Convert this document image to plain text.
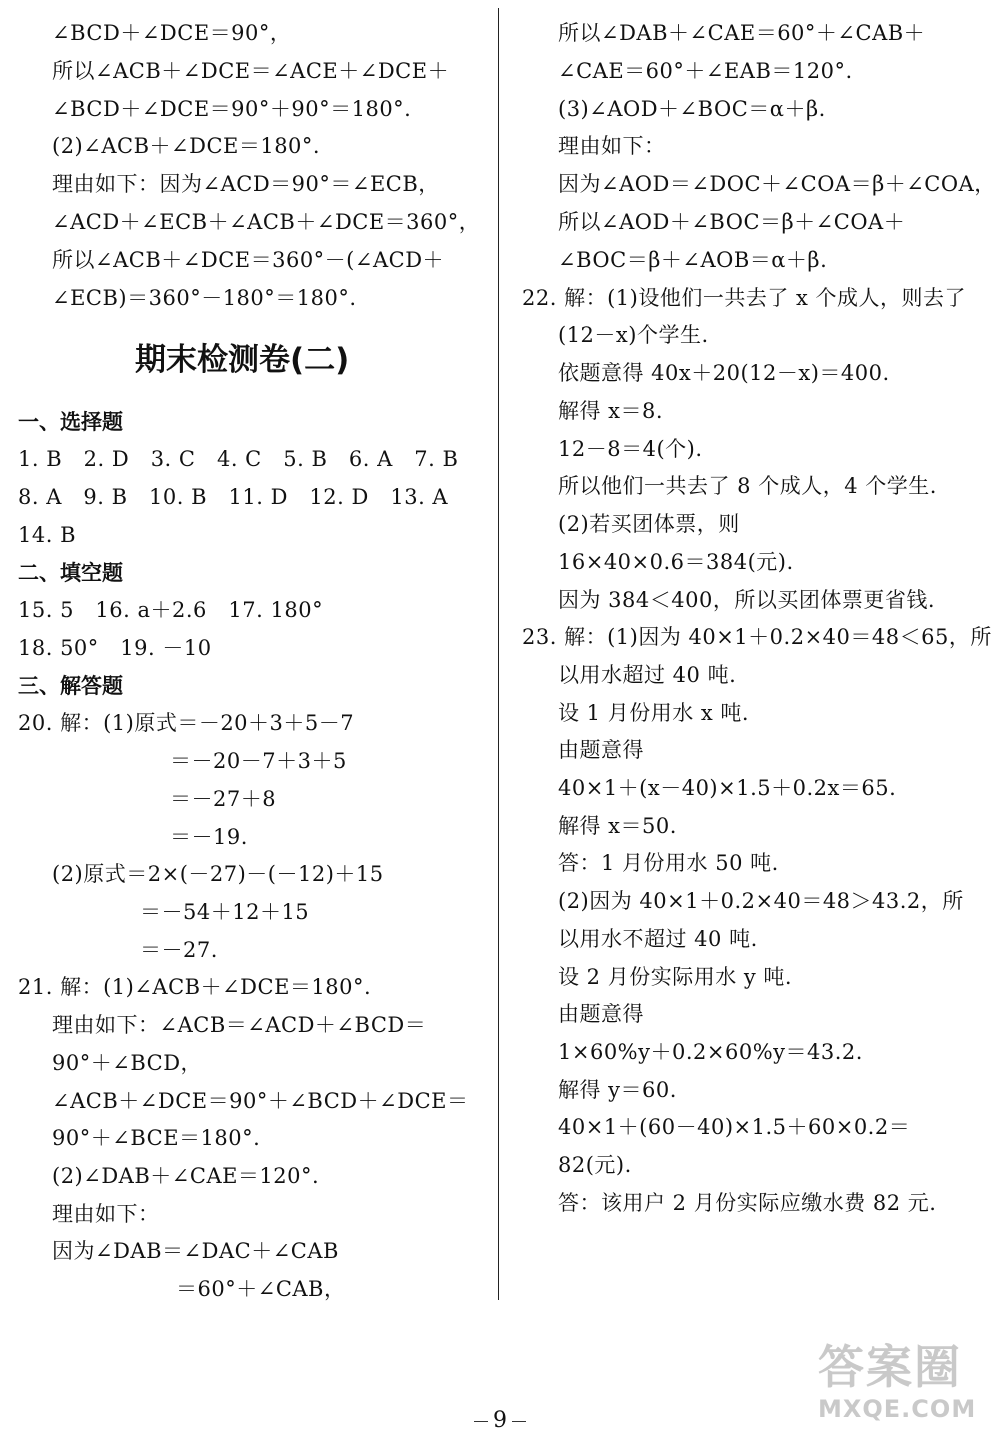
∠BCD＋∠DCE＝90°，
所以∠ACB＋∠DCE＝∠ACE＋∠DCE＋
∠BCD＋∠DCE＝90°＋90°＝180°.
(2)∠ACB＋∠DCE＝180°.
理由如下：因为∠ACD＝90°＝∠ECB，
∠ACD＋∠ECB＋∠ACB＋∠DCE＝360°，
所以∠ACB＋∠DCE＝360°－(∠ACD＋
∠ECB)＝360°－180°＝180°.
期末检测卷(二)
一、选择题
1. B　2. D　3. C　4. C　5. B　6. A　7. B
8. A　9. B　10. B　11. D　12. D　13. A
14. B
二、填空题
15. 5　16. a＋2.6　17. 180°
18. 50°　19. －10
三、解答题
20. 解：(1)原式＝－20＋3＋5－7
＝－20－7＋3＋5
＝－27＋8
＝－19.
(2)原式＝2×(－27)－(－12)＋15
＝－54＋12＋15
＝－27.
21. 解：(1)∠ACB＋∠DCE＝180°.
理由如下：∠ACB＝∠ACD＋∠BCD＝
90°＋∠BCD，
∠ACB＋∠DCE＝90°＋∠BCD＋∠DCE＝
90°＋∠BCE＝180°.
(2)∠DAB＋∠CAE＝120°.
理由如下：
因为∠DAB＝∠DAC＋∠CAB
＝60°＋∠CAB，
所以∠DAB＋∠CAE＝60°＋∠CAB＋
∠CAE＝60°＋∠EAB＝120°.
(3)∠AOD＋∠BOC＝α＋β.
理由如下：
因为∠AOD＝∠DOC＋∠COA＝β＋∠COA，
所以∠AOD＋∠BOC＝β＋∠COA＋
∠BOC＝β＋∠AOB＝α＋β.
22. 解：(1)设他们一共去了 x 个成人，则去了
(12－x)个学生.
依题意得 40x＋20(12－x)＝400.
解得 x＝8.
12－8＝4(个).
所以他们一共去了 8 个成人，4 个学生.
(2)若买团体票，则
16×40×0.6＝384(元).
因为 384＜400，所以买团体票更省钱.
23. 解：(1)因为 40×1＋0.2×40＝48＜65，所
以用水超过 40 吨.
设 1 月份用水 x 吨.
由题意得
40×1＋(x－40)×1.5＋0.2x＝65.
解得 x＝50.
答：1 月份用水 50 吨.
(2)因为 40×1＋0.2×40＝48＞43.2，所
以用水不超过 40 吨.
设 2 月份实际用水 y 吨.
由题意得
1×60%y＋0.2×60%y＝43.2.
解得 y＝60.
40×1＋(60－40)×1.5＋60×0.2＝
82(元).
答：该用户 2 月份实际应缴水费 82 元.
9
答案圈
MXQE.COM
